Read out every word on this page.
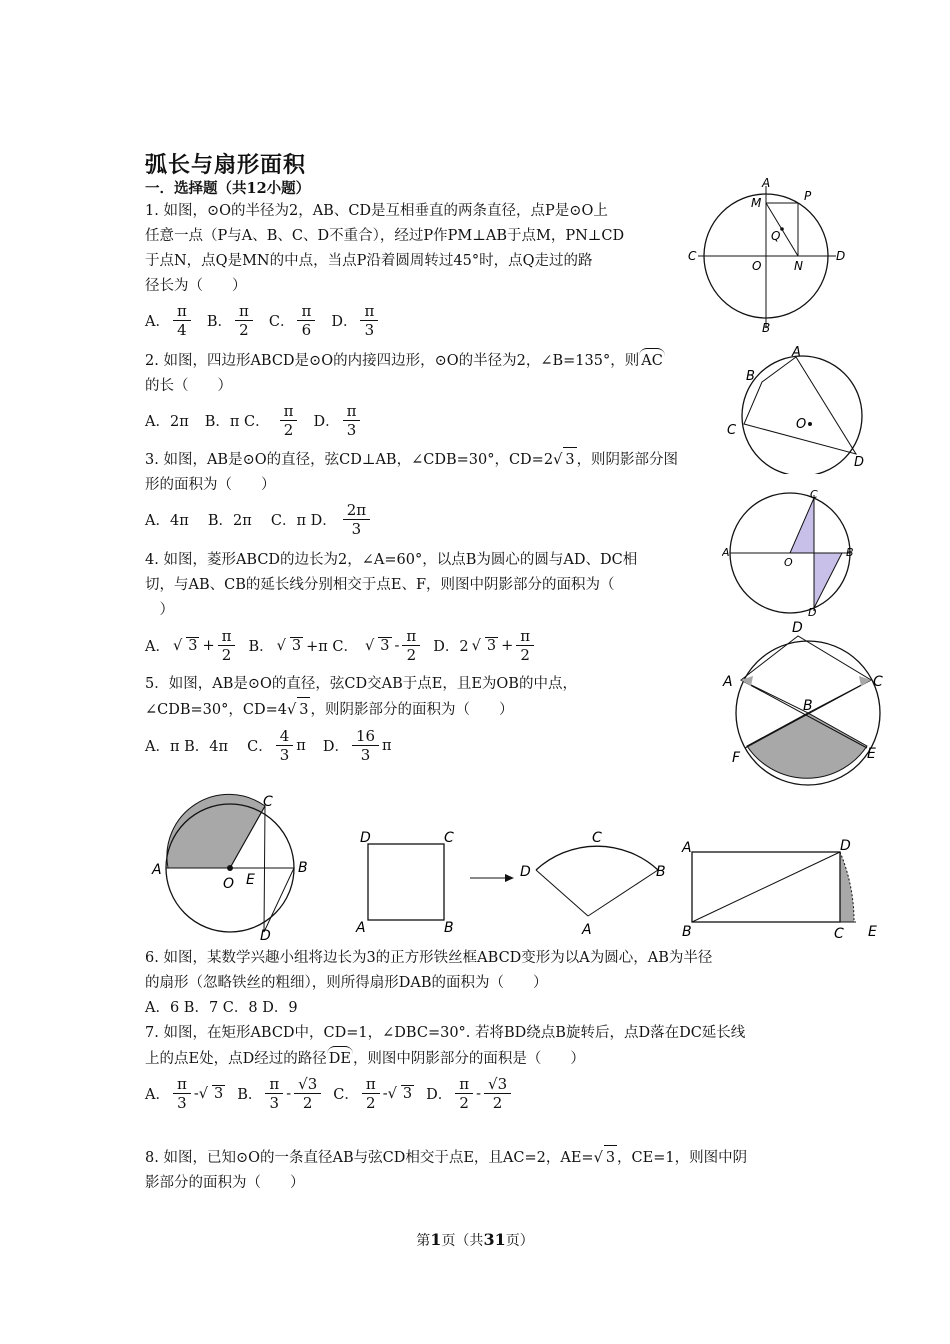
弧长与扇形面积
一．选择题（共12小题）
1. 如图，⊙O的半径为2，AB、CD是互相垂直的两条直径，点P是⊙O上
任意一点（P与A、B、C、D不重合），经过P作PM⊥AB于点M，PN⊥CD
于点N，点Q是MN的中点，当点P沿着圆周转过45°时，点Q走过的路
径长为（　　）
A． $\frac{\pi}{4}$ B． $\frac{\pi}{2}$ C． $\frac{\pi}{6}$ D． $\frac{\pi}{3}$
2. 如图，四边形ABCD是⊙O的内接四边形，⊙O的半径为2，∠B=135°，则 AC
的长（　　）
A．2π B．π C． $\frac{\pi}{2}$ D． $\frac{\pi}{3}$
3. 如图，AB是⊙O的直径，弦CD⊥AB，∠CDB=30°，CD=2√ 3 ，则阴影部分图
形的面积为（　　）
A．4π　 B．2π　 C．π D． $\frac{2\pi}{3}$
4. 如图，菱形ABCD的边长为2，∠A=60°，以点B为圆心的圆与AD、DC相
切，与AB、CB的延长线分别相交于点E、F，则图中阴影部分的面积为（
　）
A． √ $3 + \frac{\pi}{2}$ B． √ 3 +π C． √ $3 - \frac{\pi}{2}$ D．2 √ $3 + \frac{\pi}{2}$
5．如图，AB是⊙O的直径，弦CD交AB于点E，且E为OB的中点，
∠CDB=30°，CD=4√ 3 ，则阴影部分的面积为（　　）
A．π B．4π　 C． $\frac{4}{3}$ π D． $\frac{16}{3}$ π
6. 如图，某数学兴趣小组将边长为3的正方形铁丝框ABCD变形为以A为圆心，AB为半径
的扇形（忽略铁丝的粗细），则所得扇形DAB的面积为（　　）
A．6 B．7 C．8 D．9
7. 如图，在矩形ABCD中，CD=1，∠DBC=30°. 若将BD绕点B旋转后，点D落在DC延长线
上的点E处，点D经过的路径 DE ，则图中阴影部分的面积是（　　）
A． $\frac{\pi}{3}$ -√ 3 B． $\frac{\pi}{3} - \frac{√3}{2}$ C． $\frac{\pi}{2}$ -√ 3 D． $\frac{\pi}{2} - \frac{√3}{2}$
8. 如图，已知⊙O的一条直径AB与弦CD相交于点E，且AC=2，AE=√ 3 ，CE=1，则图中阴
影部分的面积为（　　）
第1页（共31页）
A
P
M
Q
C
O	N
D
B
A
B
C	O
D
C
A
O
B
D
D
A	C
B
F	E
C
A
O E
B
D
D	C
A	B
C
D	B
A
A	D
B	C E
